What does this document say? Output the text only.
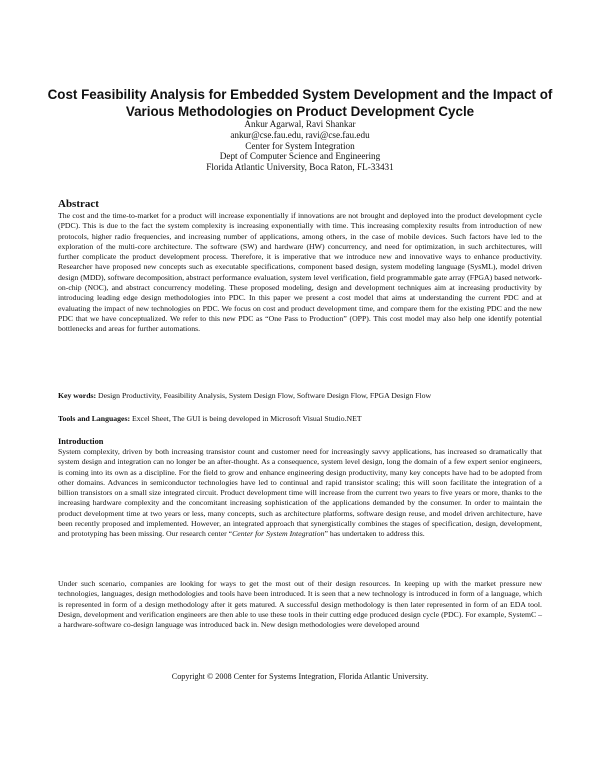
Cost Feasibility Analysis for Embedded System Development and the Impact of Various Methodologies on Product Development Cycle
Ankur Agarwal, Ravi Shankar
ankur@cse.fau.edu, ravi@cse.fau.edu
Center for System Integration
Dept of Computer Science and Engineering
Florida Atlantic University, Boca Raton, FL-33431
Abstract

The cost and the time-to-market for a product will increase exponentially if innovations are not brought and deployed into the product development cycle (PDC). This is due to the fact the system complexity is increasing exponentially with time. This increasing complexity results from introduction of new protocols, higher radio frequencies, and increasing number of applications, among others, in the case of mobile devices. Such factors have led to the exploration of the multi-core architecture. The software (SW) and hardware (HW) concurrency, and need for optimization, in such architectures, will further complicate the product development process. Therefore, it is imperative that we introduce new and innovative ways to enhance productivity. Researcher have proposed new concepts such as executable specifications, component based design, system modeling language (SysML), model driven design (MDD), software decomposition, abstract performance evaluation, system level verification, field programmable gate array (FPGA) based network-on-chip (NOC), and abstract concurrency modeling. These proposed modeling, design and development techniques aim at increasing productivity by introducing leading edge design methodologies into PDC. In this paper we present a cost model that aims at understanding the current PDC and at evaluating the impact of new technologies on PDC. We focus on cost and product development time, and compare them for the existing PDC and the new PDC that we have conceptualized. We refer to this new PDC as “One Pass to Production” (OPP). This cost model may also help one identify potential bottlenecks and areas for further automations.

Key words: Design Productivity, Feasibility Analysis, System Design Flow, Software Design Flow, FPGA Design Flow

Tools and Languages: Excel Sheet, The GUI is being developed in Microsoft Visual Studio.NET

Introduction

System complexity, driven by both increasing transistor count and customer need for increasingly savvy applications, has increased so dramatically that system design and integration can no longer be an after-thought. As a consequence, system level design, long the domain of a few expert senior engineers, is coming into its own as a discipline. For the field to grow and enhance engineering design productivity, many key concepts have had to be adopted from other domains. Advances in semiconductor technologies have led to continual and rapid transistor scaling; this will soon facilitate the integration of a billion transistors on a small size integrated circuit. Product development time will increase from the current two years to five years or more, thanks to the increasing hardware complexity and the concomitant increasing sophistication of the applications demanded by the consumer. In order to maintain the product development time at two years or less, many concepts, such as architecture platforms, software design reuse, and model driven architecture, have been recently proposed and implemented. However, an integrated approach that synergistically combines the stages of specification, design, development, and prototyping has been missing. Our research center “Center for System Integration” has undertaken to address this.

Under such scenario, companies are looking for ways to get the most out of their design resources. In keeping up with the market pressure new technologies, languages, design methodologies and tools have been introduced. It is seen that a new technology is introduced in form of a language, which is represented in form of a design methodology after it gets matured. A successful design methodology is then later represented in form of an EDA tool. Design, development and verification engineers are then able to use these tools in their cutting edge produced design cycle (PDC). For example, SystemC – a hardware-software co-design language was introduced back in. New design methodologies were developed around

Copyright © 2008 Center for Systems Integration, Florida Atlantic University.
